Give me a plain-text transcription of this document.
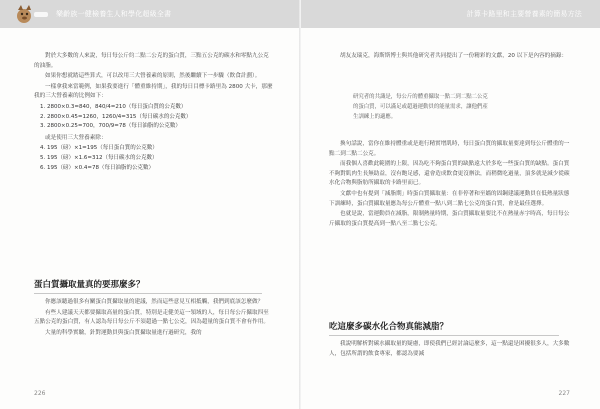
樂齡族一健檢養生人和學化超級全書

對於大多數的人來說，每日每公斤約二點二公克的蛋白質，三點五公克的碳水和零點九公克的油脂。

如果你想就踏這些算式，可以改用三大營養素的原則，然後繼續下一步驟（飲食計劃）。

一樣拿我來當範例，如果我要進行「體重維持期」，我的每日目標卡路里為 2800 大卡，那麼我的三大營養素的比例如下：

1. 2800×0.3=840，840/4=210（每日蛋白質的公克數）
2. 2800×0.45=1260，1260/4=315（每日碳水的公克數）
3. 2800×0.25=700，700/9=78（每日油脂的公克數）

或是使用三大營養素除：

4. 195（磅）×1=195（每日蛋白質的公克數）
5. 195（磅）×1.6=312（每日碳水的公克數）
6. 195（磅）×0.4=78（每日油脂的公克數）
蛋白質攝取量真的要那麼多？

你應該聽過很多有關蛋白質攝取量的建議，然而這些意見互相抵觸，我們到底該怎麼做？

有些人建議天天都要攝取高量的蛋白質，特別是走健美這一領域的人，每日每公斤攝取四至五點公克的蛋白質，有人認為每日每公斤不須超過一點七公克，因為超量的蛋白質不會有作用。

大量的科學實驗，針對運動員與蛋白質攝取量進行過研究，我的

226
計算卡路里和主要營養素的簡易方法

胡友友瑞克，海斯斯博士與其他研究者共同提出了一份精彩的文獻，20 以下是內容的摘錄：

研究者的共識是，每公斤的體重攝取一點二到二點二公克
的蛋白質，可以滿足或超過運動員的能量需求，讓他們產
生訓練上的適應。

換句話說，當你在維持體重或是進行精實增肌時，每日蛋白質的攝取量要達到每公斤體重的一點二到二點二公克。

而我個人喜歡此範圍的上限，因為吃不夠蛋白質的缺點遠大於多吃一些蛋白質的缺點。蛋白質不夠對肌肉生長無助益，沒有飽足感，還會造成飲食更沒辦法，而稍微吃過量，頂多就是減少從碳水化合物與脂肪所攝取的卡路里而已。

文獻中也有提到「減脂期」時蛋白質攝取量：在非停著和至嬙的固鋼建議運動員在低熱量狀態下訓練時，蛋白質攝取量應為每公斤體重一點八到二點七公克的蛋白質，會是最佳選擇。

也就是說，當運動員在減脂，限制熱量時期，蛋白質攝取量要比不在熱量赤字時高，每日每公斤攝取的蛋白質提高到一點八至二點七公克。

吃這麼多碳水化合物真能減脂？

我說明解析對碳水攝取量的疑慮，即使我們已經討論這麼多，這一點還是困擾很多人，大多數人，包括所謂的飲食專家，都認為要減

227
